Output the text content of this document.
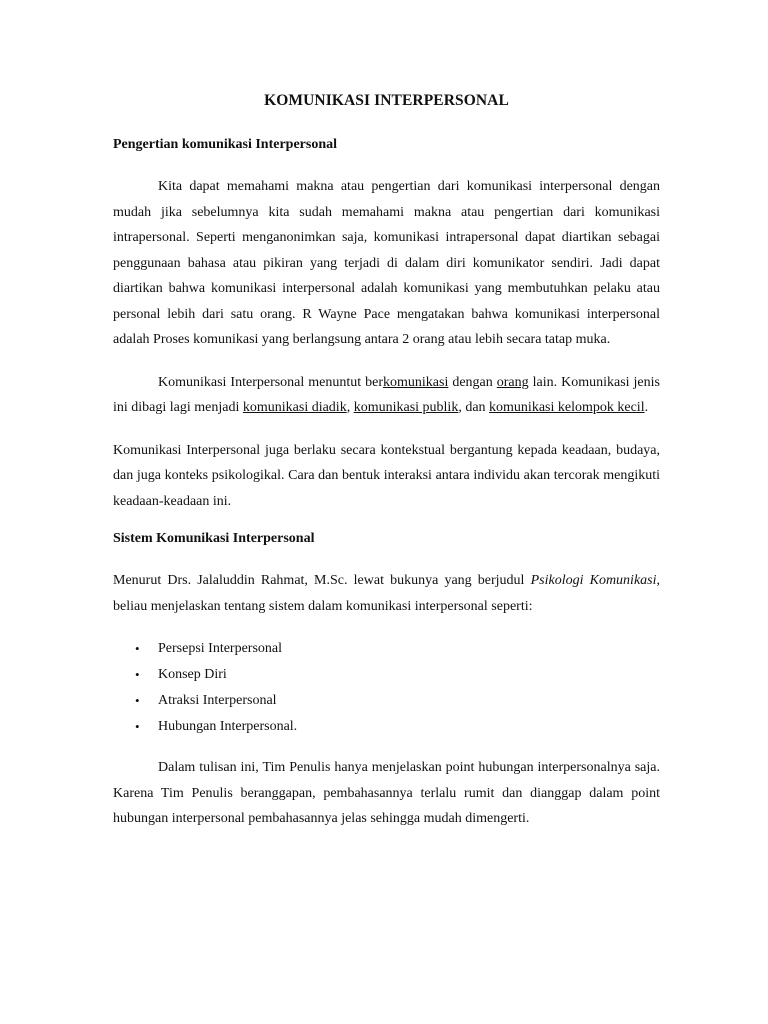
KOMUNIKASI INTERPERSONAL
Pengertian komunikasi Interpersonal

Kita dapat memahami makna atau pengertian dari komunikasi interpersonal dengan mudah jika sebelumnya kita sudah memahami makna atau pengertian dari komunikasi intrapersonal. Seperti menganonimkan saja, komunikasi intrapersonal dapat diartikan sebagai penggunaan bahasa atau pikiran yang terjadi di dalam diri komunikator sendiri. Jadi dapat diartikan bahwa komunikasi interpersonal adalah komunikasi yang membutuhkan pelaku atau personal lebih dari satu orang. R Wayne Pace mengatakan bahwa komunikasi interpersonal adalah Proses komunikasi yang berlangsung antara 2 orang atau lebih secara tatap muka.

Komunikasi Interpersonal menuntut berkomunikasi dengan orang lain. Komunikasi jenis ini dibagi lagi menjadi komunikasi diadik, komunikasi publik, dan komunikasi kelompok kecil.

Komunikasi Interpersonal juga berlaku secara kontekstual bergantung kepada keadaan, budaya, dan juga konteks psikologikal. Cara dan bentuk interaksi antara individu akan tercorak mengikuti keadaan-keadaan ini.

Sistem Komunikasi Interpersonal

Menurut Drs. Jalaluddin Rahmat, M.Sc. lewat bukunya yang berjudul Psikologi Komunikasi, beliau menjelaskan tentang sistem dalam komunikasi interpersonal seperti:

• Persepsi Interpersonal
• Konsep Diri
• Atraksi Interpersonal
• Hubungan Interpersonal.

Dalam tulisan ini, Tim Penulis hanya menjelaskan point hubungan interpersonalnya saja. Karena Tim Penulis beranggapan, pembahasannya terlalu rumit dan dianggap dalam point hubungan interpersonal pembahasannya jelas sehingga mudah dimengerti.
